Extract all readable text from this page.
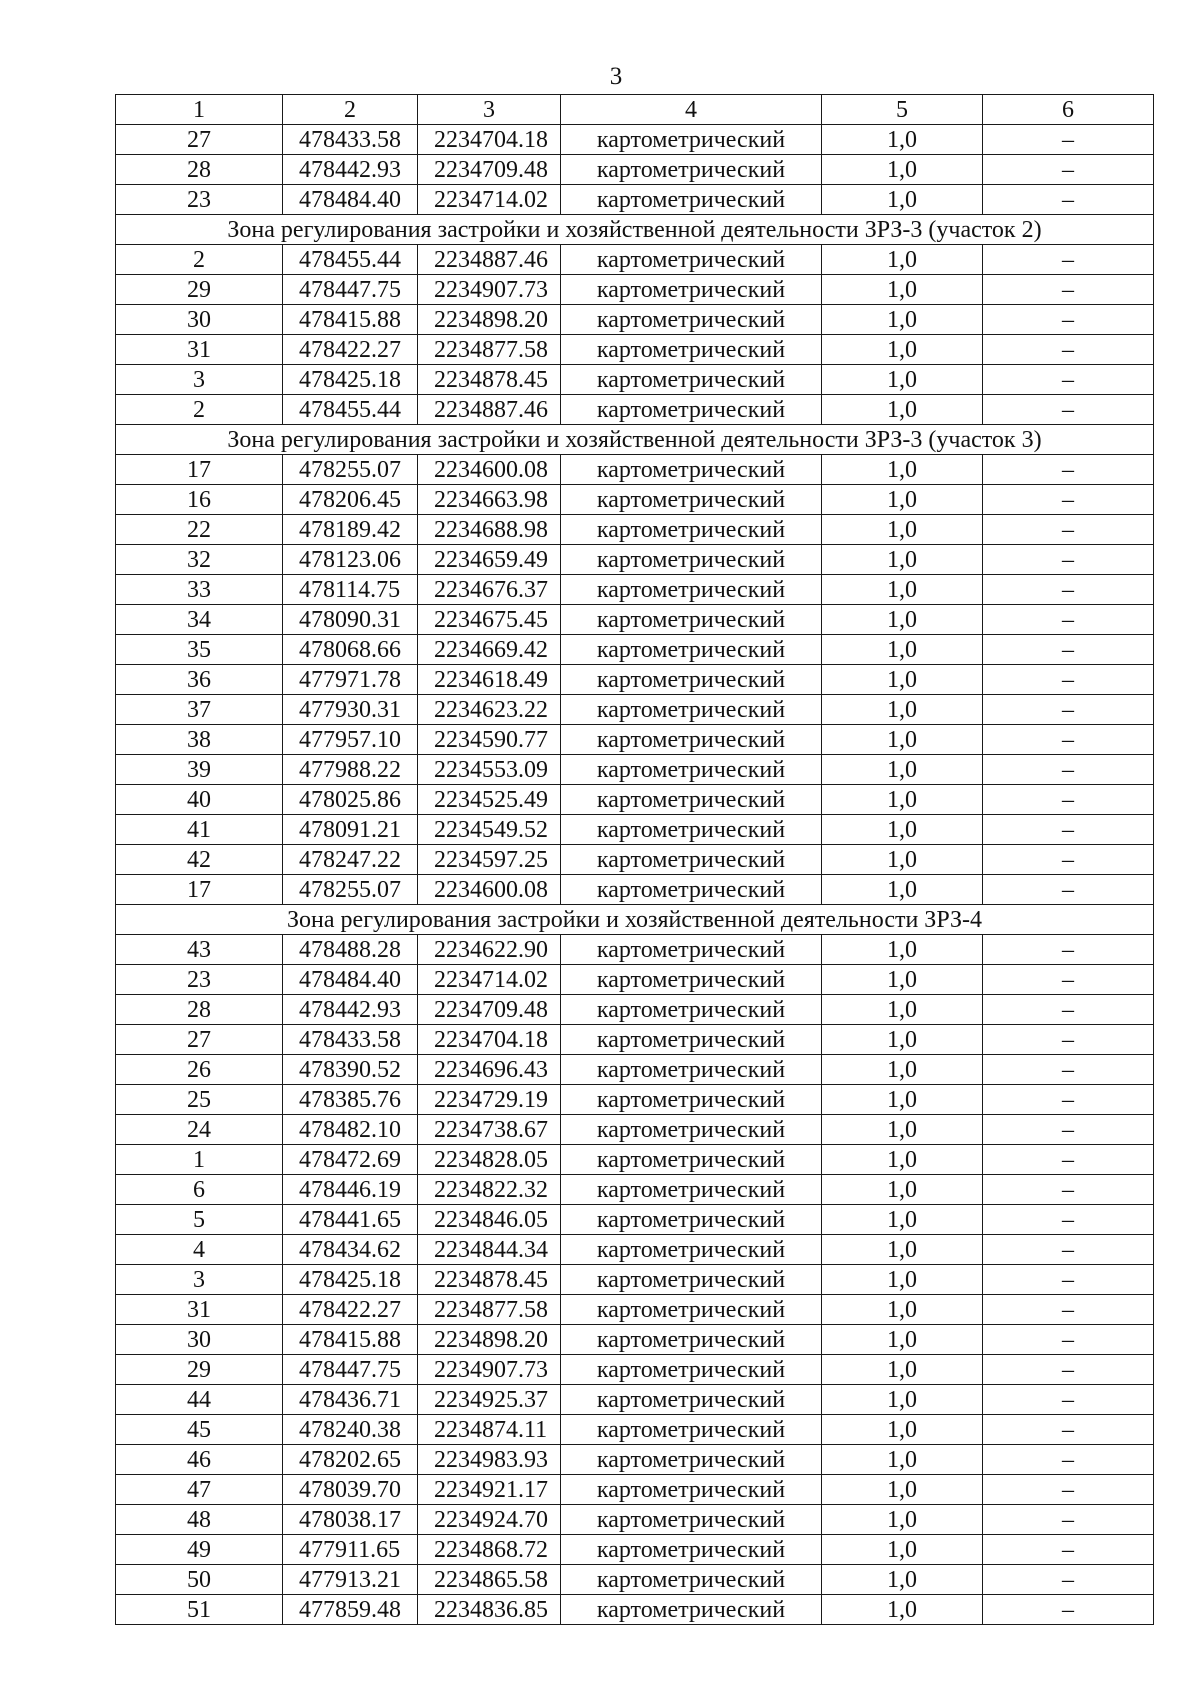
3
1	2	3	4	5	6
27	478433.58	2234704.18	картометрический	1,0	–
28	478442.93	2234709.48	картометрический	1,0	–
23	478484.40	2234714.02	картометрический	1,0	–
Зона регулирования застройки и хозяйственной деятельности ЗРЗ-3 (участок 2)					
2	478455.44	2234887.46	картометрический	1,0	–
29	478447.75	2234907.73	картометрический	1,0	–
30	478415.88	2234898.20	картометрический	1,0	–
31	478422.27	2234877.58	картометрический	1,0	–
3	478425.18	2234878.45	картометрический	1,0	–
2	478455.44	2234887.46	картометрический	1,0	–
Зона регулирования застройки и хозяйственной деятельности ЗРЗ-3 (участок 3)					
17	478255.07	2234600.08	картометрический	1,0	–
16	478206.45	2234663.98	картометрический	1,0	–
22	478189.42	2234688.98	картометрический	1,0	–
32	478123.06	2234659.49	картометрический	1,0	–
33	478114.75	2234676.37	картометрический	1,0	–
34	478090.31	2234675.45	картометрический	1,0	–
35	478068.66	2234669.42	картометрический	1,0	–
36	477971.78	2234618.49	картометрический	1,0	–
37	477930.31	2234623.22	картометрический	1,0	–
38	477957.10	2234590.77	картометрический	1,0	–
39	477988.22	2234553.09	картометрический	1,0	–
40	478025.86	2234525.49	картометрический	1,0	–
41	478091.21	2234549.52	картометрический	1,0	–
42	478247.22	2234597.25	картометрический	1,0	–
17	478255.07	2234600.08	картометрический	1,0	–
Зона регулирования застройки и хозяйственной деятельности ЗРЗ-4					
43	478488.28	2234622.90	картометрический	1,0	–
23	478484.40	2234714.02	картометрический	1,0	–
28	478442.93	2234709.48	картометрический	1,0	–
27	478433.58	2234704.18	картометрический	1,0	–
26	478390.52	2234696.43	картометрический	1,0	–
25	478385.76	2234729.19	картометрический	1,0	–
24	478482.10	2234738.67	картометрический	1,0	–
1	478472.69	2234828.05	картометрический	1,0	–
6	478446.19	2234822.32	картометрический	1,0	–
5	478441.65	2234846.05	картометрический	1,0	–
4	478434.62	2234844.34	картометрический	1,0	–
3	478425.18	2234878.45	картометрический	1,0	–
31	478422.27	2234877.58	картометрический	1,0	–
30	478415.88	2234898.20	картометрический	1,0	–
29	478447.75	2234907.73	картометрический	1,0	–
44	478436.71	2234925.37	картометрический	1,0	–
45	478240.38	2234874.11	картометрический	1,0	–
46	478202.65	2234983.93	картометрический	1,0	–
47	478039.70	2234921.17	картометрический	1,0	–
48	478038.17	2234924.70	картометрический	1,0	–
49	477911.65	2234868.72	картометрический	1,0	–
50	477913.21	2234865.58	картометрический	1,0	–
51	477859.48	2234836.85	картометрический	1,0	–
